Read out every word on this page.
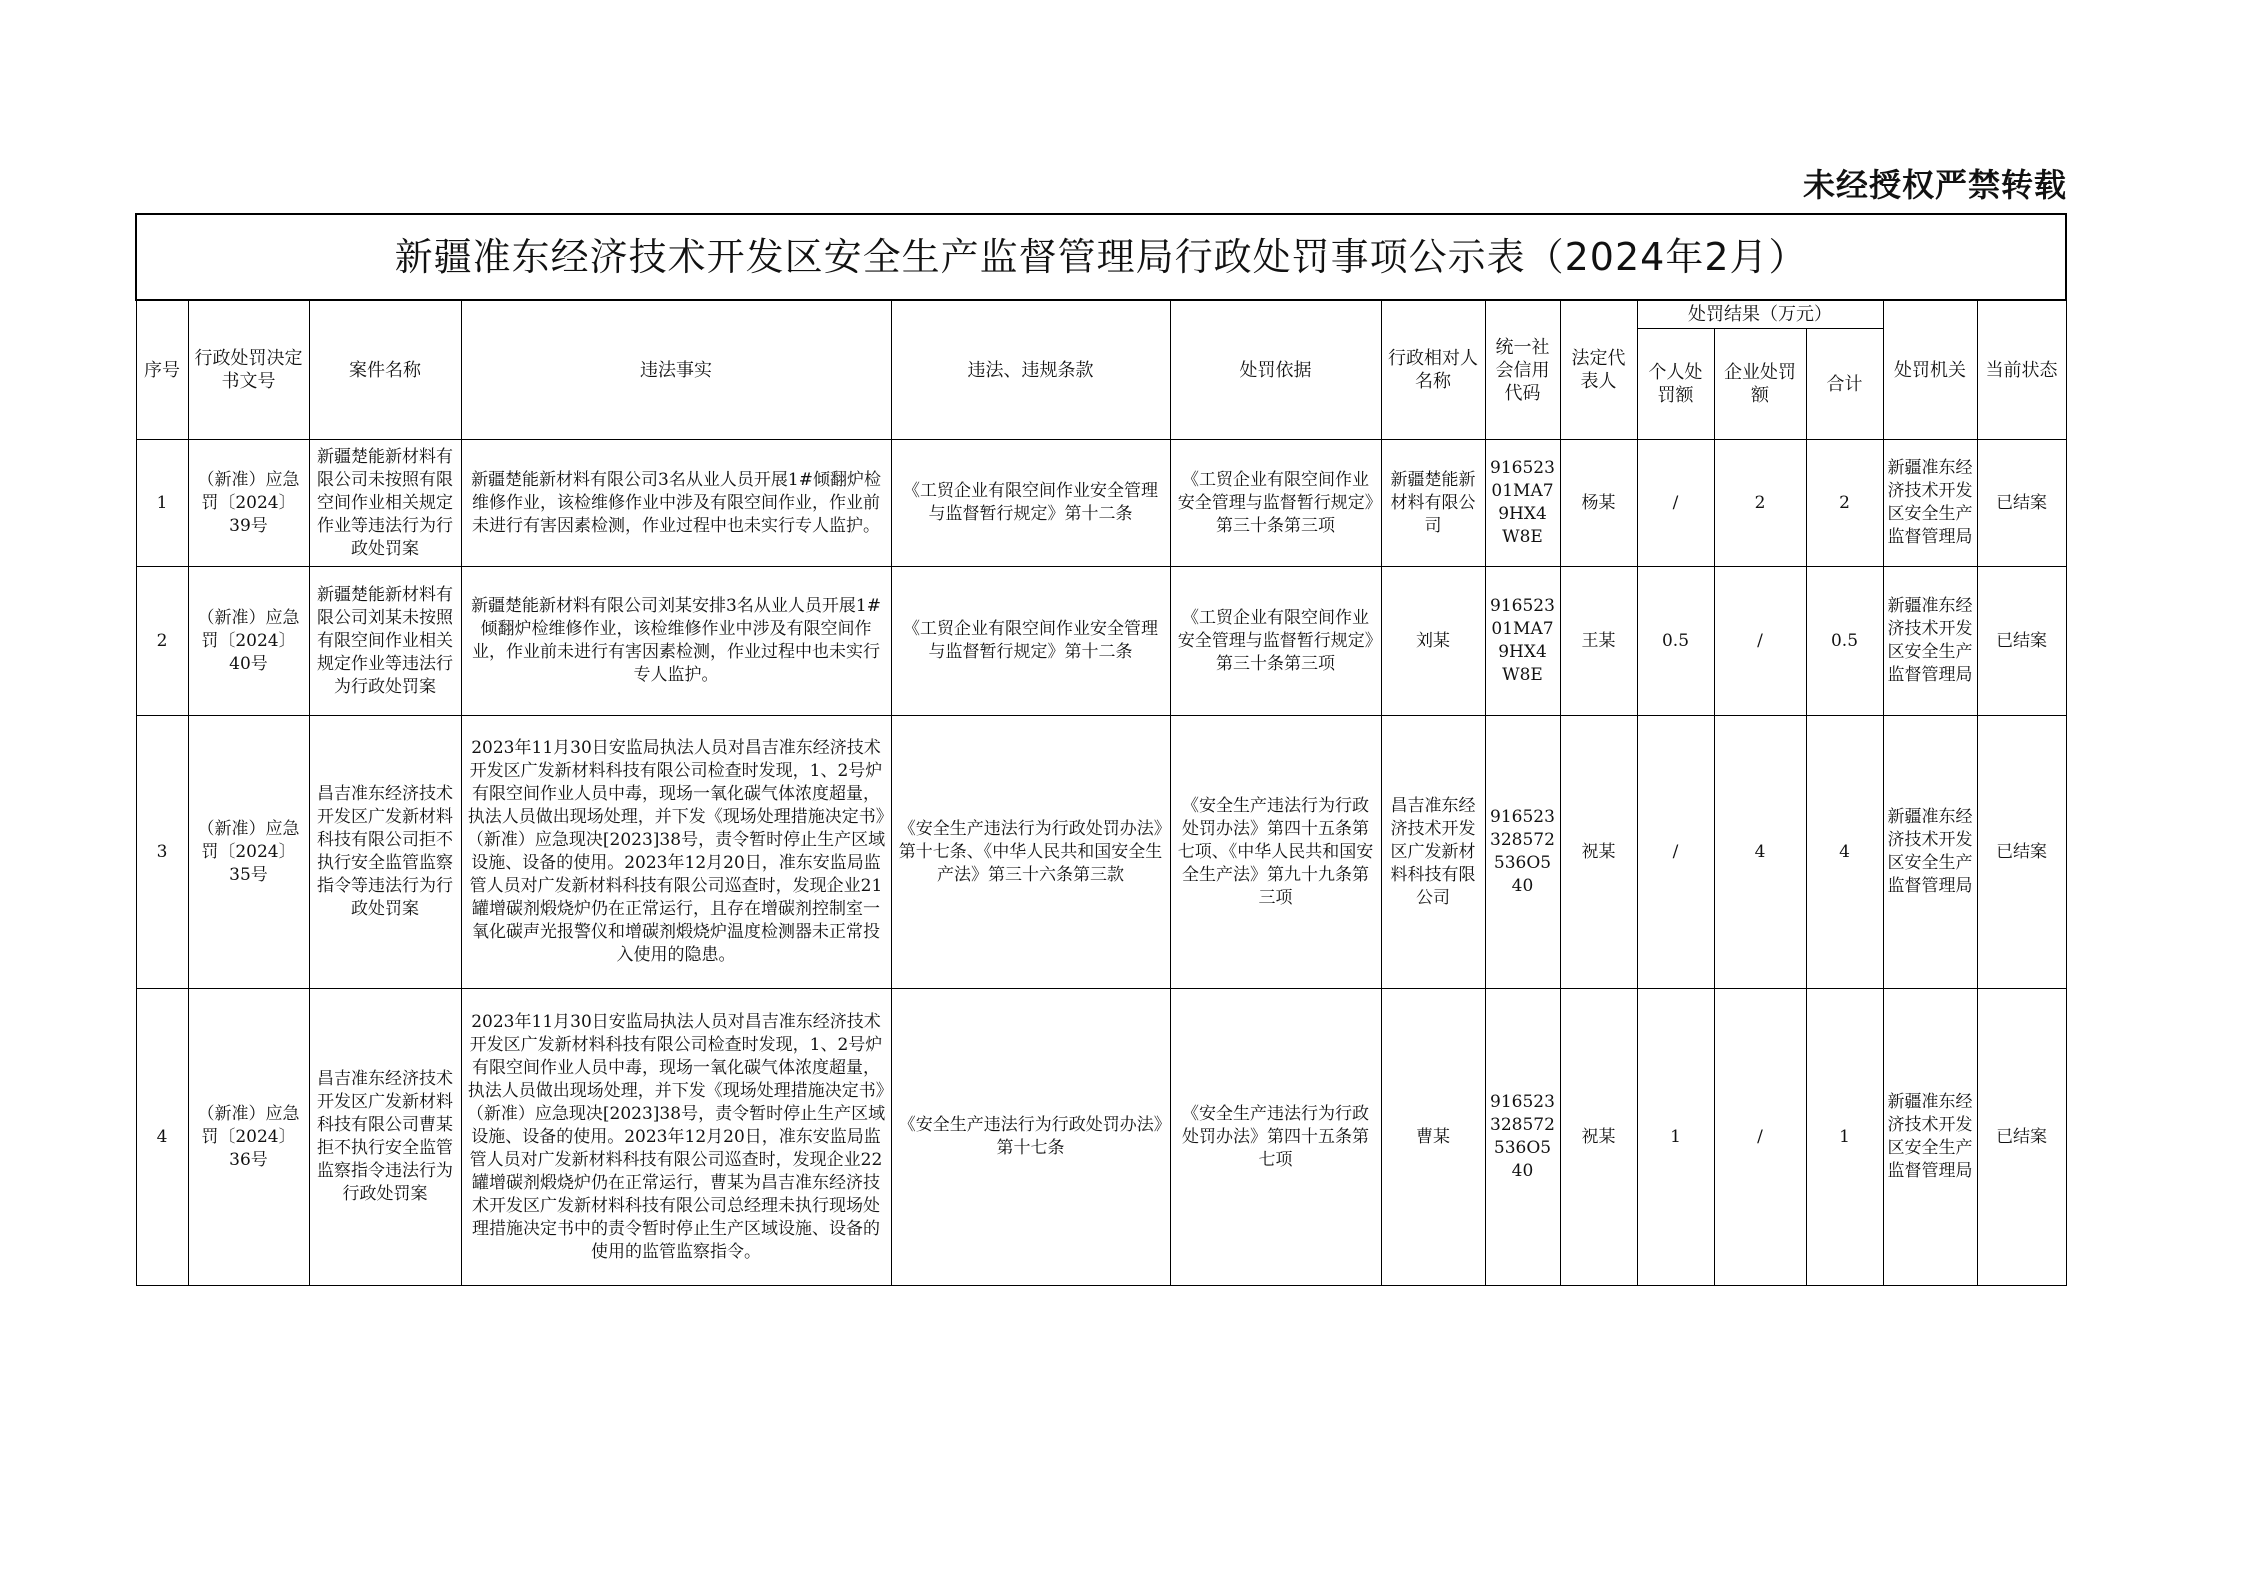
未经授权严禁转载
新疆准东经济技术开发区安全生产监督管理局行政处罚事项公示表（2024年2月）													
序号	行政处罚决定书文号	案件名称	违法事实	违法、违规条款	处罚依据	行政相对人名称	统一社会信用代码	法定代表人	处罚结果（万元）			处罚机关	当前状态
									个人处罚额	企业处罚额	合计		
1	（新准）应急罚〔2024〕39号	新疆楚能新材料有限公司未按照有限空间作业相关规定作业等违法行为行政处罚案	新疆楚能新材料有限公司3名从业人员开展1#倾翻炉检维修作业，该检维修作业中涉及有限空间作业，作业前未进行有害因素检测，作业过程中也未实行专人监护。	《工贸企业有限空间作业安全管理与监督暂行规定》第十二条	《工贸企业有限空间作业安全管理与监督暂行规定》第三十条第三项	新疆楚能新材料有限公司	91652301MA79HX4W8E	杨某	/	2	2	新疆准东经济技术开发区安全生产监督管理局	已结案
2	（新准）应急罚〔2024〕40号	新疆楚能新材料有限公司刘某未按照有限空间作业相关规定作业等违法行为行政处罚案	新疆楚能新材料有限公司刘某安排3名从业人员开展1#倾翻炉检维修作业，该检维修作业中涉及有限空间作业，作业前未进行有害因素检测，作业过程中也未实行专人监护。	《工贸企业有限空间作业安全管理与监督暂行规定》第十二条	《工贸企业有限空间作业安全管理与监督暂行规定》第三十条第三项	刘某	91652301MA79HX4W8E	王某	0.5	/	0.5	新疆准东经济技术开发区安全生产监督管理局	已结案
3	（新准）应急罚〔2024〕35号	昌吉准东经济技术开发区广发新材料科技有限公司拒不执行安全监管监察指令等违法行为行政处罚案	2023年11月30日安监局执法人员对昌吉准东经济技术开发区广发新材料科技有限公司检查时发现，1、2号炉有限空间作业人员中毒，现场一氧化碳气体浓度超量，执法人员做出现场处理，并下发《现场处理措施决定书》（新准）应急现决[2023]38号，责令暂时停止生产区域设施、设备的使用。2023年12月20日，准东安监局监管人员对广发新材料科技有限公司巡查时，发现企业21罐增碳剂煅烧炉仍在正常运行，且存在增碳剂控制室一氧化碳声光报警仪和增碳剂煅烧炉温度检测器未正常投入使用的隐患。	《安全生产违法行为行政处罚办法》第十七条、《中华人民共和国安全生产法》第三十六条第三款	《安全生产违法行为行政处罚办法》第四十五条第七项、《中华人民共和国安全生产法》第九十九条第三项	昌吉准东经济技术开发区广发新材料科技有限公司	916523328572536O540	祝某	/	4	4	新疆准东经济技术开发区安全生产监督管理局	已结案
4	（新准）应急罚〔2024〕36号	昌吉准东经济技术开发区广发新材料科技有限公司曹某拒不执行安全监管监察指令违法行为行政处罚案	2023年11月30日安监局执法人员对昌吉准东经济技术开发区广发新材料科技有限公司检查时发现，1、2号炉有限空间作业人员中毒，现场一氧化碳气体浓度超量，执法人员做出现场处理，并下发《现场处理措施决定书》（新准）应急现决[2023]38号，责令暂时停止生产区域设施、设备的使用。2023年12月20日，准东安监局监管人员对广发新材料科技有限公司巡查时，发现企业22罐增碳剂煅烧炉仍在正常运行，曹某为昌吉准东经济技术开发区广发新材料科技有限公司总经理未执行现场处理措施决定书中的责令暂时停止生产区域设施、设备的使用的监管监察指令。	《安全生产违法行为行政处罚办法》第十七条	《安全生产违法行为行政处罚办法》第四十五条第七项	曹某	916523328572536O540	祝某	1	/	1	新疆准东经济技术开发区安全生产监督管理局	已结案
